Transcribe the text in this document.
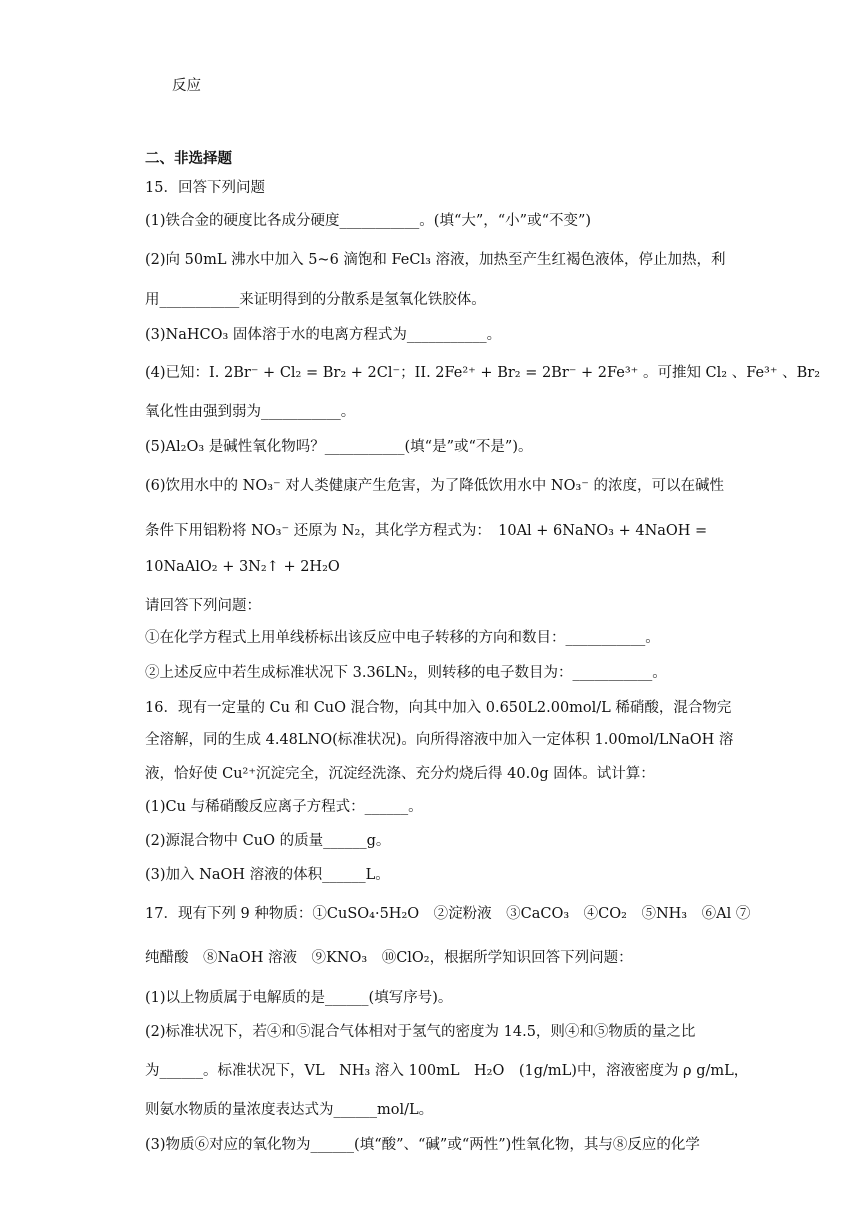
反应
二、非选择题
15．回答下列问题
(1)铁合金的硬度比各成分硬度___________。(填“大”，“小”或“不变”)
(2)向 50mL 沸水中加入 5~6 滴饱和 FeCl₃ 溶液，加热至产生红褐色液体，停止加热，利
用___________来证明得到的分散系是氢氧化铁胶体。
(3)NaHCO₃ 固体溶于水的电离方程式为___________。
(4)已知：I. 2Br⁻ + Cl₂ = Br₂ + 2Cl⁻；II. 2Fe²⁺ + Br₂ = 2Br⁻ + 2Fe³⁺ 。可推知 Cl₂ 、Fe³⁺ 、Br₂
氧化性由强到弱为___________。
(5)Al₂O₃ 是碱性氧化物吗？___________(填“是”或“不是”)。
(6)饮用水中的 NO₃⁻ 对人类健康产生危害，为了降低饮用水中 NO₃⁻ 的浓度，可以在碱性
条件下用铝粉将 NO₃⁻ 还原为 N₂，其化学方程式为：　10Al + 6NaNO₃ + 4NaOH =
10NaAlO₂ + 3N₂↑ + 2H₂O
请回答下列问题：
①在化学方程式上用单线桥标出该反应中电子转移的方向和数目：___________。
②上述反应中若生成标准状况下 3.36LN₂，则转移的电子数目为：___________。
16．现有一定量的 Cu 和 CuO 混合物，向其中加入 0.650L2.00mol/L 稀硝酸，混合物完
全溶解，同的生成 4.48LNO(标准状况)。向所得溶液中加入一定体积 1.00mol/LNaOH 溶
液，恰好使 Cu²⁺沉淀完全，沉淀经洗涤、充分灼烧后得 40.0g 固体。试计算：
(1)Cu 与稀硝酸反应离子方程式：______。
(2)源混合物中 CuO 的质量______g。
(3)加入 NaOH 溶液的体积______L。
17．现有下列 9 种物质：①CuSO₄·5H₂O　②淀粉液　③CaCO₃　④CO₂　⑤NH₃　⑥Al ⑦
纯醋酸　⑧NaOH 溶液　⑨KNO₃　⑩ClO₂，根据所学知识回答下列问题：
(1)以上物质属于电解质的是______(填写序号)。
(2)标准状况下，若④和⑤混合气体相对于氢气的密度为 14.5，则④和⑤物质的量之比
为______。标准状况下，VL　NH₃ 溶入 100mL　H₂O　(1g/mL)中，溶液密度为 ρ g/mL，
则氨水物质的量浓度表达式为______mol/L。
(3)物质⑥对应的氧化物为______(填“酸”、“碱”或“两性”)性氧化物，其与⑧反应的化学
